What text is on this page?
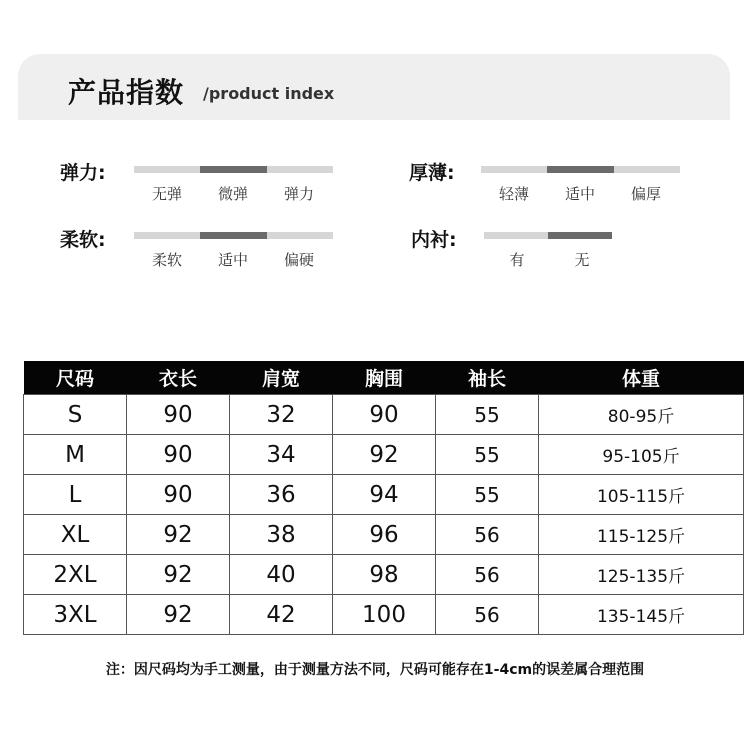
产品指数 /product index
弹力:
无弹	微弹	弹力
厚薄:
轻薄	适中	偏厚
柔软:
柔软	适中	偏硬
内衬:
有	无
尺码	衣长	肩宽	胸围	袖长	体重
S	90	32	90	55	80-95斤
M	90	34	92	55	95-105斤
L	90	36	94	55	105-115斤
XL	92	38	96	56	115-125斤
2XL	92	40	98	56	125-135斤
3XL	92	42	100	56	135-145斤
注：因尺码均为手工测量，由于测量方法不同，尺码可能存在1-4cm的误差属合理范围
